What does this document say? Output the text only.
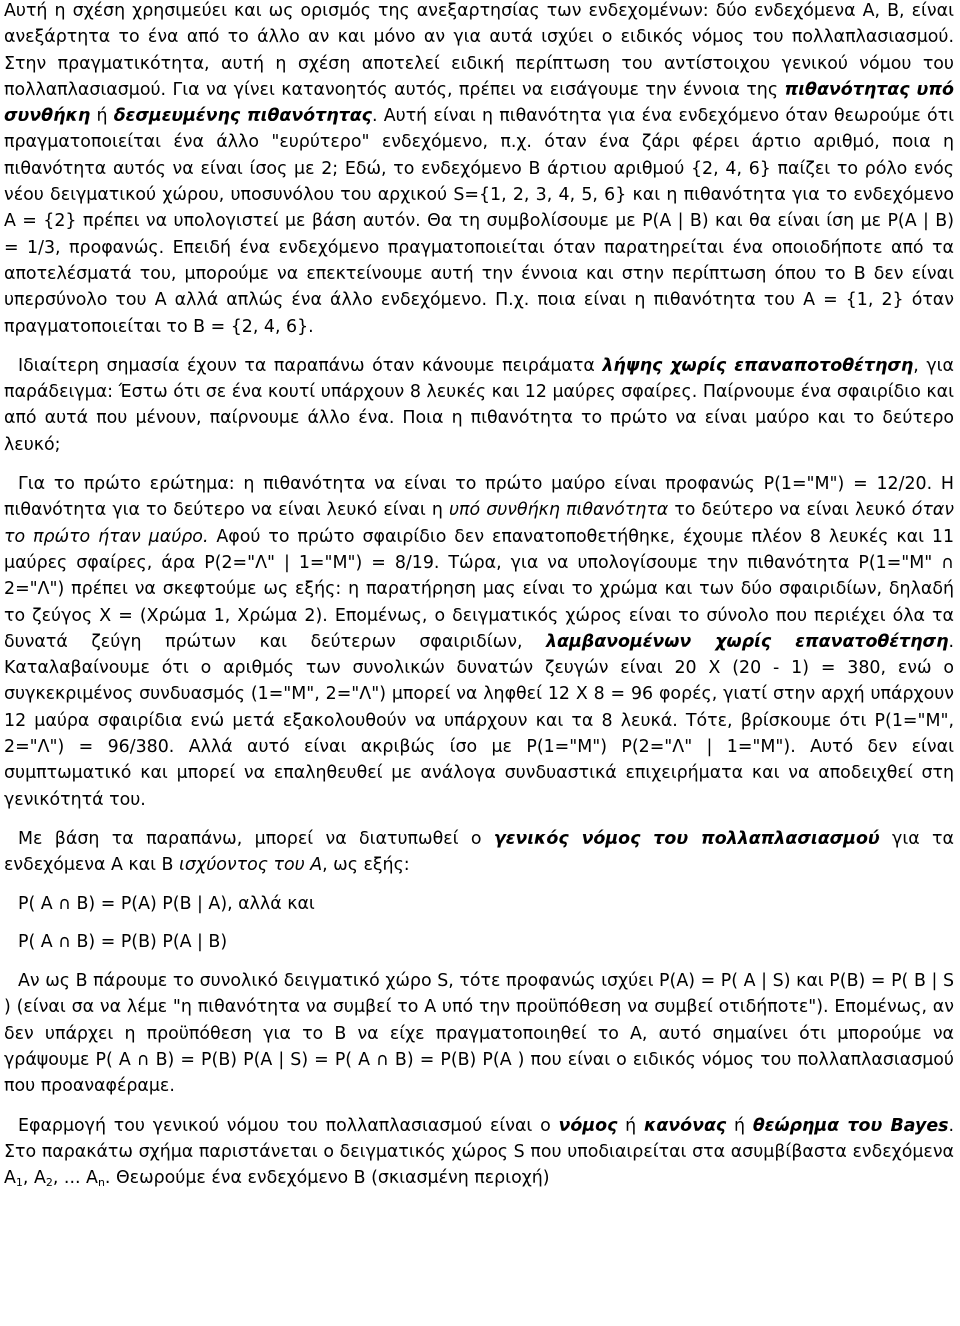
Αυτή η σχέση χρησιμεύει και ως ορισμός της ανεξαρτησίας των ενδεχομένων: δύο ενδεχόμενα Α, Β, είναι ανεξάρτητα το ένα από το άλλο αν και μόνο αν για αυτά ισχύει ο ειδικός νόμος του πολλαπλασιασμού. Στην πραγματικότητα, αυτή η σχέση αποτελεί ειδική περίπτωση του αντίστοιχου γενικού νόμου του πολλαπλασιασμού. Για να γίνει κατανοητός αυτός, πρέπει να εισάγουμε την έννοια της πιθανότητας υπό συνθήκη ή δεσμευμένης πιθανότητας. Αυτή είναι η πιθανότητα για ένα ενδεχόμενο όταν θεωρούμε ότι πραγματοποιείται ένα άλλο "ευρύτερο" ενδεχόμενο, π.χ. όταν ένα ζάρι φέρει άρτιο αριθμό, ποια η πιθανότητα αυτός να είναι ίσος με 2; Εδώ, το ενδεχόμενο Β άρτιου αριθμού {2, 4, 6} παίζει το ρόλο ενός νέου δειγματικού χώρου, υποσυνόλου του αρχικού S={1, 2, 3, 4, 5, 6} και η πιθανότητα για το ενδεχόμενο Α = {2} πρέπει να υπολογιστεί με βάση αυτόν. Θα τη συμβολίσουμε με P(A | B) και θα είναι ίση με P(A | B) = 1/3, προφανώς. Επειδή ένα ενδεχόμενο πραγματοποιείται όταν παρατηρείται ένα οποιοδήποτε από τα αποτελέσματά του, μπορούμε να επεκτείνουμε αυτή την έννοια και στην περίπτωση όπου το Β δεν είναι υπερσύνολο του Α αλλά απλώς ένα άλλο ενδεχόμενο. Π.χ. ποια είναι η πιθανότητα του Α = {1, 2} όταν πραγματοποιείται το Β = {2, 4, 6}.

Ιδιαίτερη σημασία έχουν τα παραπάνω όταν κάνουμε πειράματα λήψης χωρίς επαναποτοθέτηση, για παράδειγμα: Έστω ότι σε ένα κουτί υπάρχουν 8 λευκές και 12 μαύρες σφαίρες. Παίρνουμε ένα σφαιρίδιο και από αυτά που μένουν, παίρνουμε άλλο ένα. Ποια η πιθανότητα το πρώτο να είναι μαύρο και το δεύτερο λευκό;

Για το πρώτο ερώτημα: η πιθανότητα να είναι το πρώτο μαύρο είναι προφανώς P(1="Μ") = 12/20. Η πιθανότητα για το δεύτερο να είναι λευκό είναι η υπό συνθήκη πιθανότητα το δεύτερο να είναι λευκό όταν το πρώτο ήταν μαύρο. Αφού το πρώτο σφαιρίδιο δεν επανατοποθετήθηκε, έχουμε πλέον 8 λευκές και 11 μαύρες σφαίρες, άρα P(2="Λ" | 1="Μ") = 8/19. Τώρα, για να υπολογίσουμε την πιθανότητα P(1="Μ" ∩ 2="Λ") πρέπει να σκεφτούμε ως εξής: η παρατήρηση μας είναι το χρώμα και των δύο σφαιριδίων, δηλαδή το ζεύγος Χ = (Χρώμα 1, Χρώμα 2). Επομένως, ο δειγματικός χώρος είναι το σύνολο που περιέχει όλα τα δυνατά ζεύγη πρώτων και δεύτερων σφαιριδίων, λαμβανομένων χωρίς επανατοθέτηση. Καταλαβαίνουμε ότι ο αριθμός των συνολικών δυνατών ζευγών είναι 20 Χ (20 - 1) = 380, ενώ ο συγκεκριμένος συνδυασμός (1="Μ", 2="Λ") μπορεί να ληφθεί 12 Χ 8 = 96 φορές, γιατί στην αρχή υπάρχουν 12 μαύρα σφαιρίδια ενώ μετά εξακολουθούν να υπάρχουν και τα 8 λευκά. Τότε, βρίσκουμε ότι P(1="Μ", 2="Λ") = 96/380. Αλλά αυτό είναι ακριβώς ίσο με P(1="Μ") P(2="Λ" | 1="Μ"). Αυτό δεν είναι συμπτωματικό και μπορεί να επαληθευθεί με ανάλογα συνδυαστικά επιχειρήματα και να αποδειχθεί στη γενικότητά του.

Με βάση τα παραπάνω, μπορεί να διατυπωθεί ο γενικός νόμος του πολλαπλασιασμού για τα ενδεχόμενα Α και Β ισχύοντος του Α, ως εξής:

P( A ∩ B) = P(A) P(B | A), αλλά και

P( A ∩ B) = P(B) P(A | B)

Αν ως Β πάρουμε το συνολικό δειγματικό χώρο S, τότε προφανώς ισχύει P(A) = P( A | S) και P(B) = P( B | S ) (είναι σα να λέμε "η πιθανότητα να συμβεί το Α υπό την προϋπόθεση να συμβεί οτιδήποτε"). Επομένως, αν δεν υπάρχει η προϋπόθεση για το Β να είχε πραγματοποιηθεί το Α, αυτό σημαίνει ότι μπορούμε να γράψουμε P( A ∩ B) = P(B) P(A | S) = P( A ∩ B) = P(B) P(A ) που είναι ο ειδικός νόμος του πολλαπλασιασμού που προαναφέραμε.

Εφαρμογή του γενικού νόμου του πολλαπλασιασμού είναι ο νόμος ή κανόνας ή θεώρημα του Bayes. Στο παρακάτω σχήμα παριστάνεται ο δειγματικός χώρος S που υποδιαιρείται στα ασυμβίβαστα ενδεχόμενα $A_1$, $A_2$, ... $A_n$. Θεωρούμε ένα ενδεχόμενο B (σκιασμένη περιοχή)
